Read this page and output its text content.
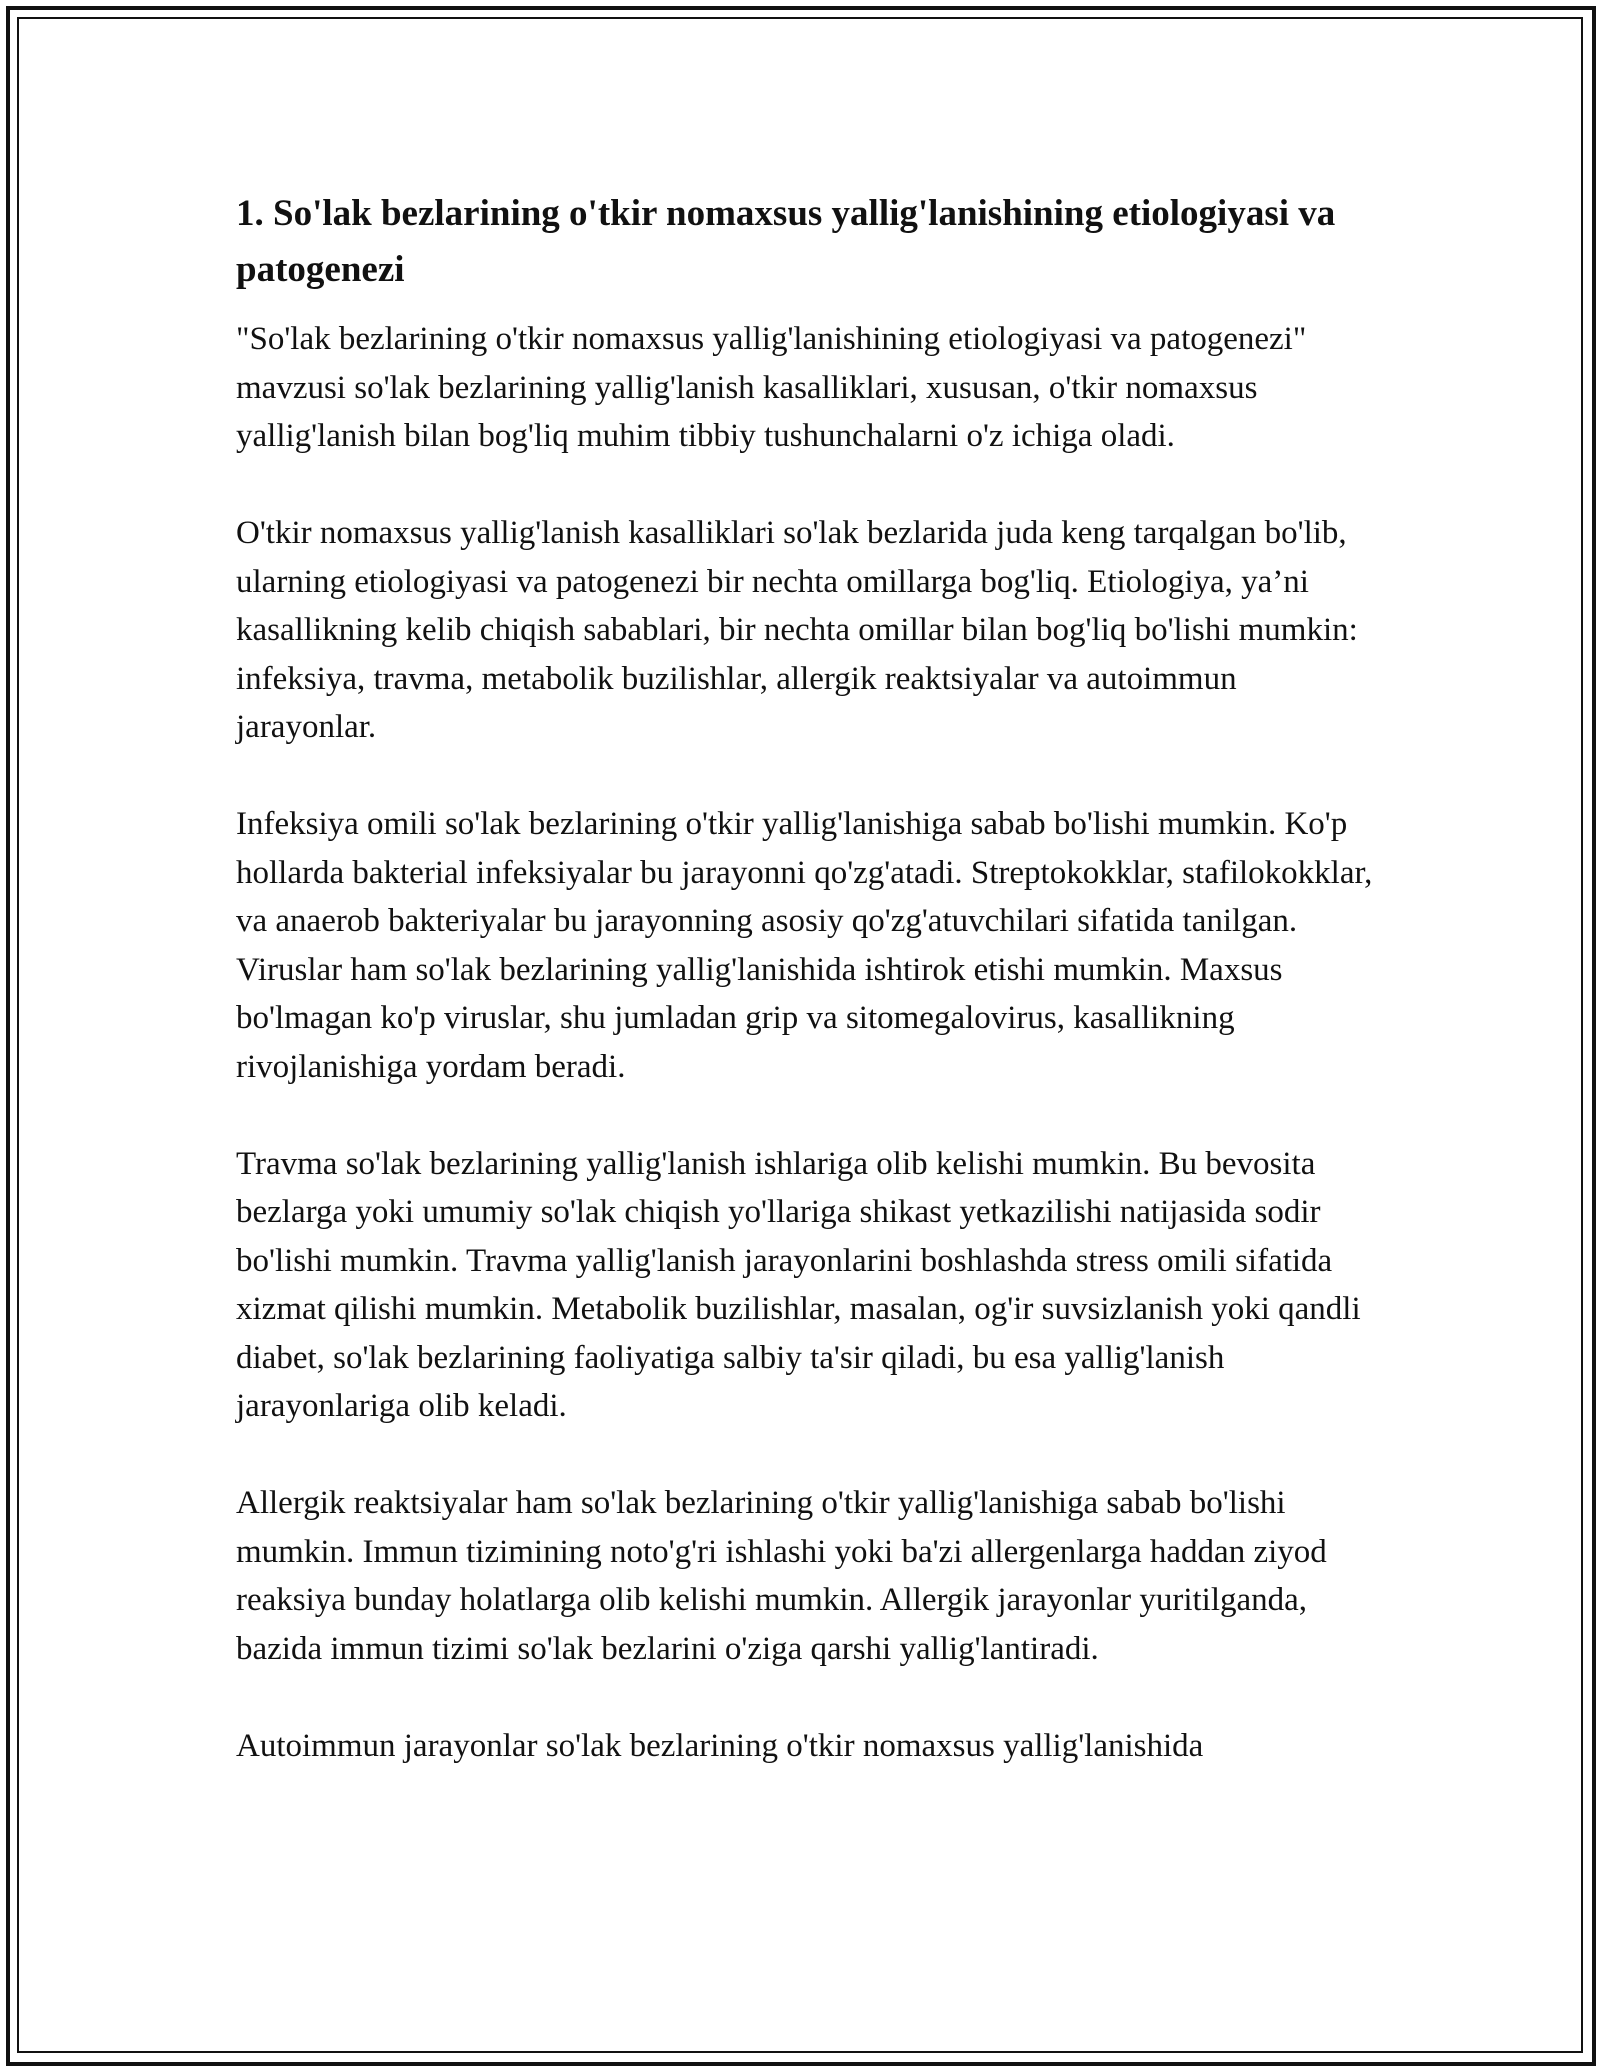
1. So'lak bezlarining o'tkir nomaxsus yallig'lanishining etiologiyasi va patogenezi

"So'lak bezlarining o'tkir nomaxsus yallig'lanishining etiologiyasi va patogenezi" mavzusi so'lak bezlarining yallig'lanish kasalliklari, xususan, o'tkir nomaxsus yallig'lanish bilan bog'liq muhim tibbiy tushunchalarni o'z ichiga oladi.

O'tkir nomaxsus yallig'lanish kasalliklari so'lak bezlarida juda keng tarqalgan bo'lib, ularning etiologiyasi va patogenezi bir nechta omillarga bog'liq. Etiologiya, ya’ni kasallikning kelib chiqish sabablari, bir nechta omillar bilan bog'liq bo'lishi mumkin: infeksiya, travma, metabolik buzilishlar, allergik reaktsiyalar va autoimmun jarayonlar.

Infeksiya omili so'lak bezlarining o'tkir yallig'lanishiga sabab bo'lishi mumkin. Ko'p hollarda bakterial infeksiyalar bu jarayonni qo'zg'atadi. Streptokokklar, stafilokokklar, va anaerob bakteriyalar bu jarayonning asosiy qo'zg'atuvchilari sifatida tanilgan. Viruslar ham so'lak bezlarining yallig'lanishida ishtirok etishi mumkin. Maxsus bo'lmagan ko'p viruslar, shu jumladan grip va sitomegalovirus, kasallikning rivojlanishiga yordam beradi.

Travma so'lak bezlarining yallig'lanish ishlariga olib kelishi mumkin. Bu bevosita bezlarga yoki umumiy so'lak chiqish yo'llariga shikast yetkazilishi natijasida sodir bo'lishi mumkin. Travma yallig'lanish jarayonlarini boshlashda stress omili sifatida xizmat qilishi mumkin. Metabolik buzilishlar, masalan, og'ir suvsizlanish yoki qandli diabet, so'lak bezlarining faoliyatiga salbiy ta'sir qiladi, bu esa yallig'lanish jarayonlariga olib keladi.

Allergik reaktsiyalar ham so'lak bezlarining o'tkir yallig'lanishiga sabab bo'lishi mumkin. Immun tizimining noto'g'ri ishlashi yoki ba'zi allergenlarga haddan ziyod reaksiya bunday holatlarga olib kelishi mumkin. Allergik jarayonlar yuritilganda, bazida immun tizimi so'lak bezlarini o'ziga qarshi yallig'lantiradi.

Autoimmun jarayonlar so'lak bezlarining o'tkir nomaxsus yallig'lanishida
